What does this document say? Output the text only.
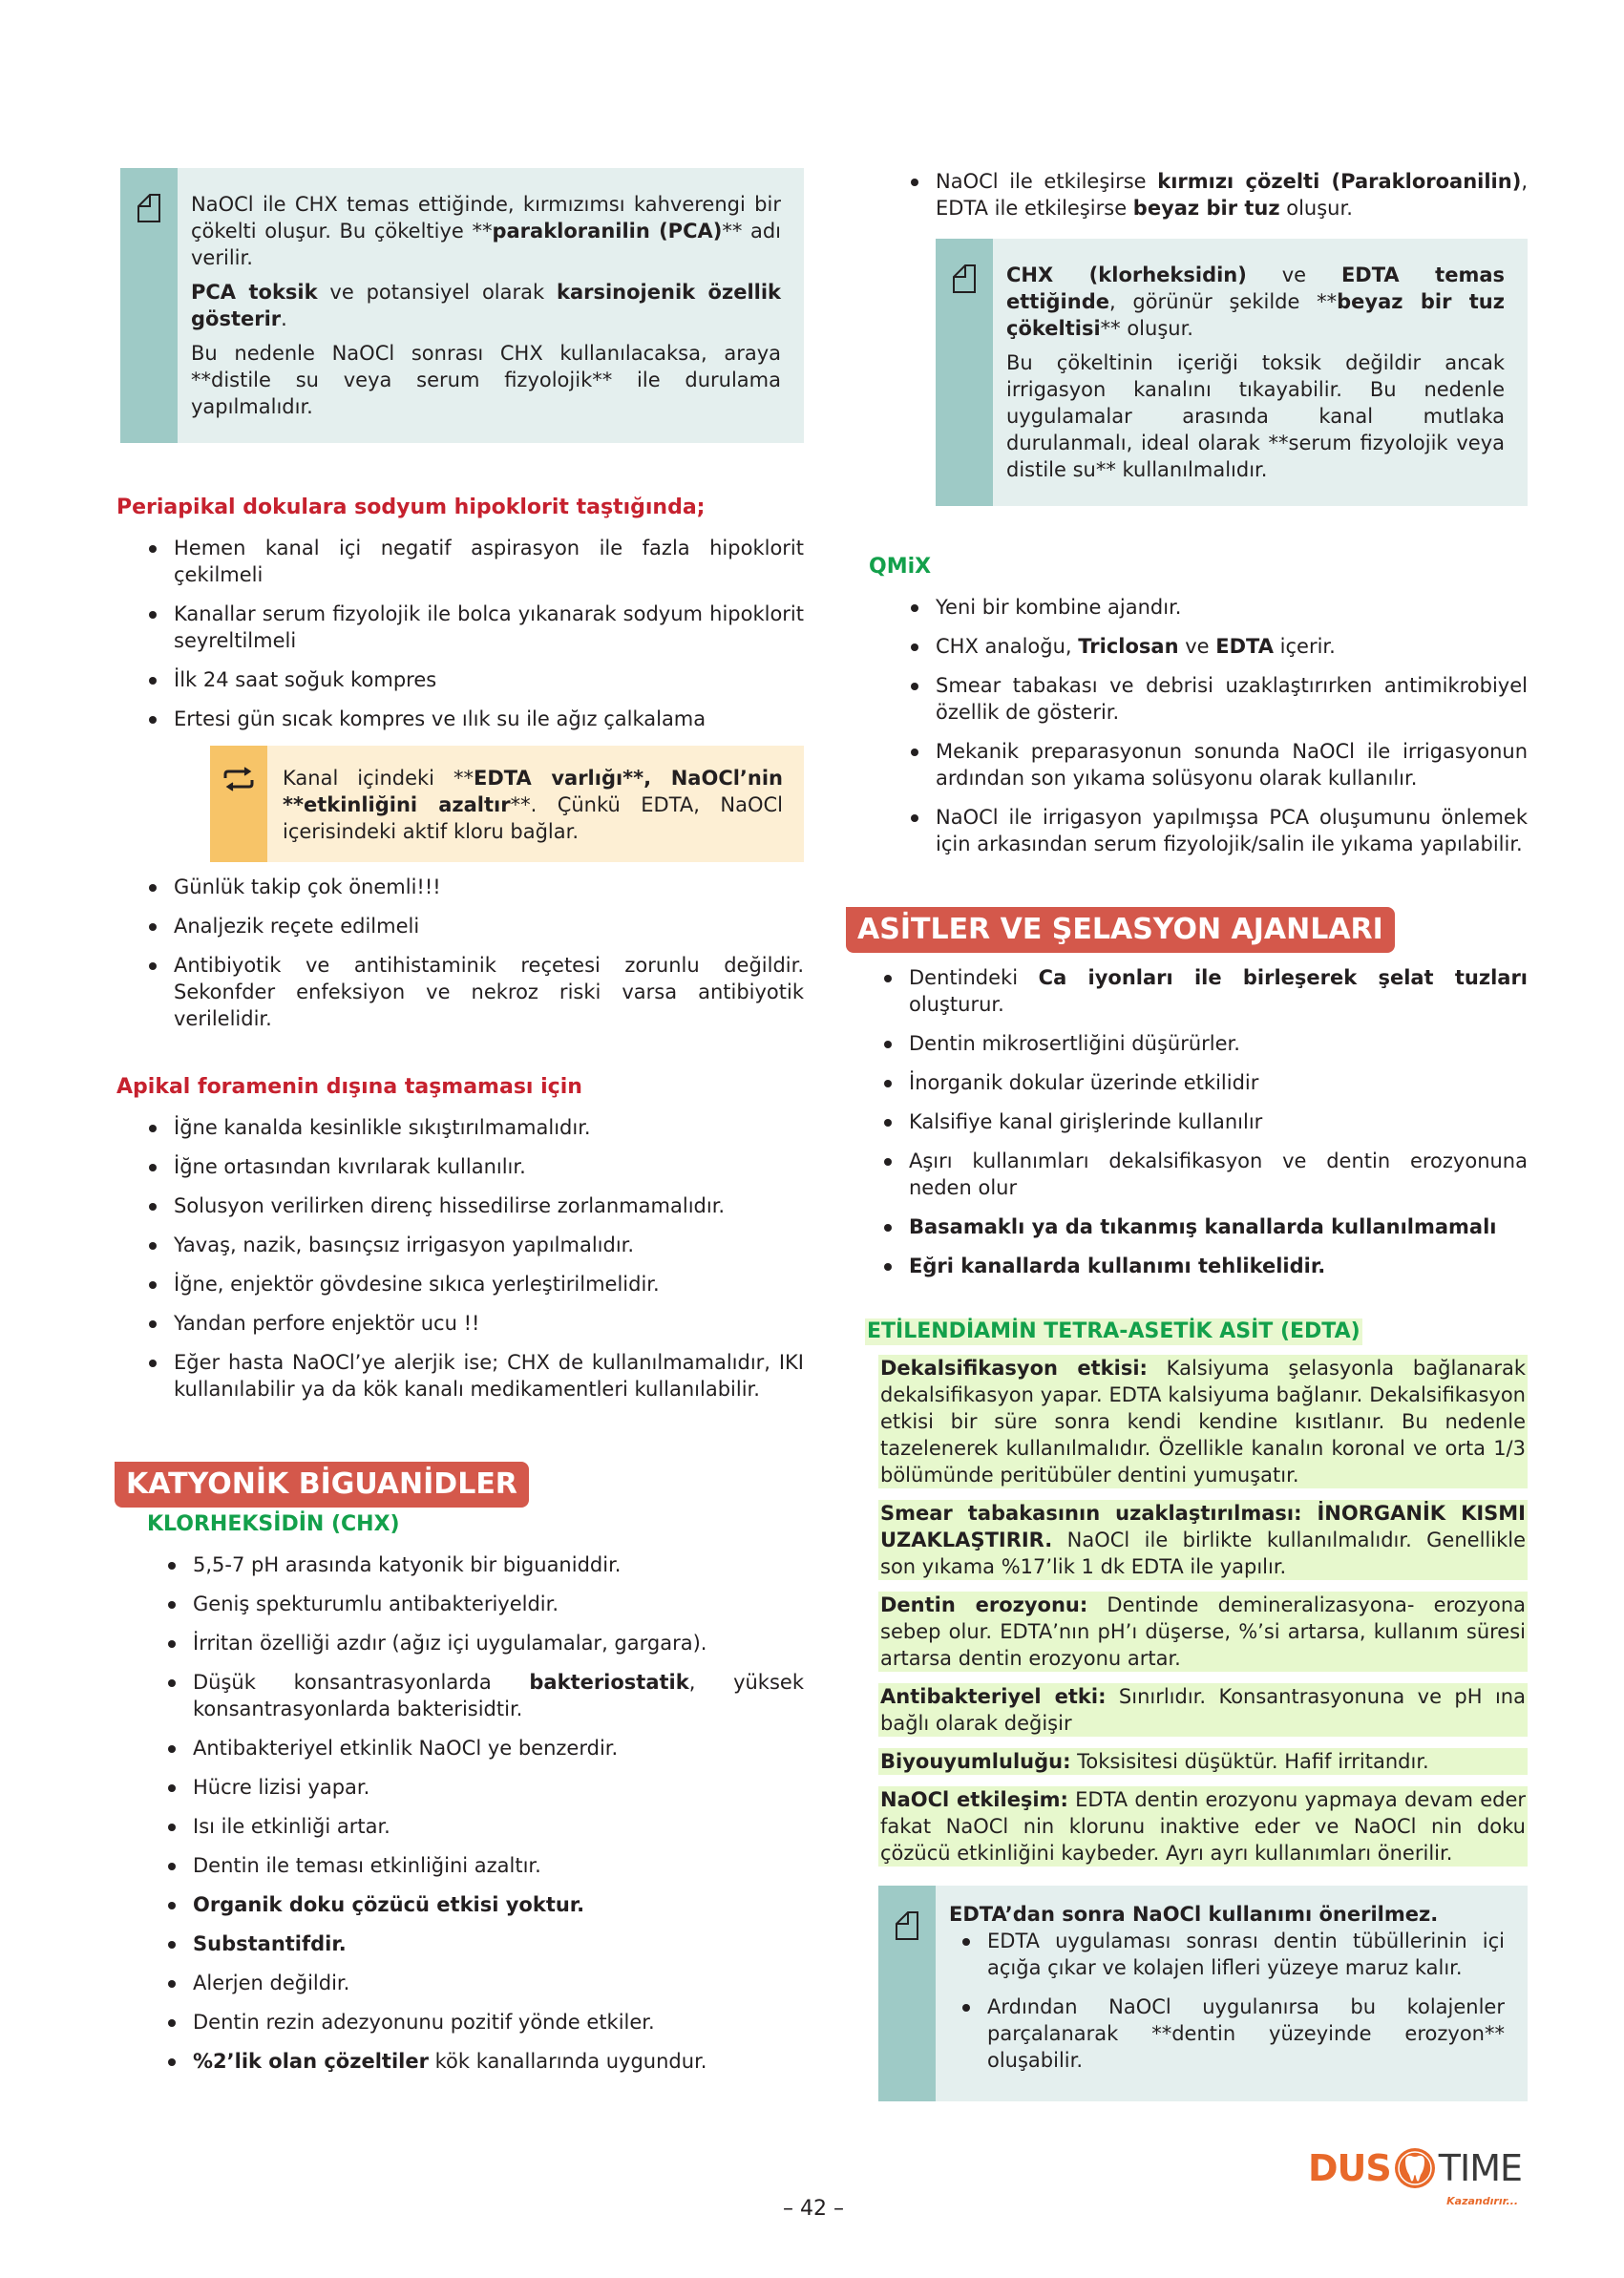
NaOCl ile CHX temas ettiğinde, kırmızımsı kahverengi bir çökelti oluşur. Bu çökeltiye **parakloranilin (PCA)** adı verilir.

PCA toksik ve potansiyel olarak karsinojenik özellik gösterir.

Bu nedenle NaOCl sonrası CHX kullanılacaksa, araya **distile su veya serum fizyolojik** ile durulama yapılmalıdır.

Periapikal dokulara sodyum hipoklorit taştığında;
Hemen kanal içi negatif aspirasyon ile fazla hipoklorit çekilmeli
Kanallar serum fizyolojik ile bolca yıkanarak sodyum hipoklorit seyreltilmeli
İlk 24 saat soğuk kompres
Ertesi gün sıcak kompres ve ılık su ile ağız çalkalama
Kanal içindeki **EDTA varlığı**, NaOCl’nin **etkinliğini azaltır**. Çünkü EDTA, NaOCl içerisindeki aktif kloru bağlar.
Günlük takip çok önemli!!!
Analjezik reçete edilmeli
Antibiyotik ve antihistaminik reçetesi zorunlu değildir. Sekonfder enfeksiyon ve nekroz riski varsa antibiyotik verilelidir.
Apikal foramenin dışına taşmaması için
İğne kanalda kesinlikle sıkıştırılmamalıdır.
İğne ortasından kıvrılarak kullanılır.
Solusyon verilirken direnç hissedilirse zorlanmamalıdır.
Yavaş, nazik, basınçsız irrigasyon yapılmalıdır.
İğne, enjektör gövdesine sıkıca yerleştirilmelidir.
Yandan perfore enjektör ucu !!
Eğer hasta NaOCl’ye alerjik ise; CHX de kullanılmamalıdır, IKI kullanılabilir ya da kök kanalı medikamentleri kullanılabilir.
KATYONİK BİGUANİDLER
KLORHEKSİDİN (CHX)
5,5-7 pH arasında katyonik bir biguaniddir.
Geniş spekturumlu antibakteriyeldir.
İrritan özelliği azdır (ağız içi uygulamalar, gargara).
Düşük konsantrasyonlarda bakteriostatik, yüksek konsantrasyonlarda bakterisidtir.
Antibakteriyel etkinlik NaOCl ye benzerdir.
Hücre lizisi yapar.
Isı ile etkinliği artar.
Dentin ile teması etkinliğini azaltır.
Organik doku çözücü etkisi yoktur.
Substantifdir.
Alerjen değildir.
Dentin rezin adezyonunu pozitif yönde etkiler.
%2’lik olan çözeltiler kök kanallarında uygundur.
NaOCl ile etkileşirse kırmızı çözelti (Parakloroanilin), EDTA ile etkileşirse beyaz bir tuz oluşur.

CHX (klorheksidin) ve EDTA temas ettiğinde, görünür şekilde **beyaz bir tuz çökeltisi** oluşur.

Bu çökeltinin içeriği toksik değildir ancak irrigasyon kanalını tıkayabilir. Bu nedenle uygulamalar arasında kanal mutlaka durulanmalı, ideal olarak **serum fizyolojik veya distile su** kullanılmalıdır.

QMiX
Yeni bir kombine ajandır.
CHX analoğu, Triclosan ve EDTA içerir.
Smear tabakası ve debrisi uzaklaştırırken antimikrobiyel özellik de gösterir.
Mekanik preparasyonun sonunda NaOCl ile irrigasyonun ardından son yıkama solüsyonu olarak kullanılır.
NaOCl ile irrigasyon yapılmışsa PCA oluşumunu önlemek için arkasından serum fizyolojik/salin ile yıkama yapılabilir.
ASİTLER VE ŞELASYON AJANLARI
Dentindeki Ca iyonları ile birleşerek şelat tuzları oluşturur.
Dentin mikrosertliğini düşürürler.
İnorganik dokular üzerinde etkilidir
Kalsifiye kanal girişlerinde kullanılır
Aşırı kullanımları dekalsifikasyon ve dentin erozyonuna neden olur
Basamaklı ya da tıkanmış kanallarda kullanılmamalı
Eğri kanallarda kullanımı tehlikelidir.
ETİLENDİAMİN TETRA-ASETİK ASİT (EDTA)

Dekalsifikasyon etkisi: Kalsiyuma şelasyonla bağlanarak dekalsifikasyon yapar. EDTA kalsiyuma bağlanır. Dekalsifikasyon etkisi bir süre sonra kendi kendine kısıtlanır. Bu nedenle tazelenerek kullanılmalıdır. Özellikle kanalın koronal ve orta 1/3 bölümünde peritübüler dentini yumuşatır.

Smear tabakasının uzaklaştırılması: İNORGANİK KISMI UZAKLAŞTIRIR. NaOCl ile birlikte kullanılmalıdır. Genellikle son yıkama %17’lik 1 dk EDTA ile yapılır.

Dentin erozyonu: Dentinde demineralizasyona- erozyona sebep olur. EDTA’nın pH’ı düşerse, %’si artarsa, kullanım süresi artarsa dentin erozyonu artar.

Antibakteriyel etki: Sınırlıdır. Konsantrasyonuna ve pH ına bağlı olarak değişir

Biyouyumluluğu: Toksisitesi düşüktür. Hafif irritandır.

NaOCl etkileşim: EDTA dentin erozyonu yapmaya devam eder fakat NaOCl nin klorunu inaktive eder ve NaOCl nin doku çözücü etkinliğini kaybeder. Ayrı ayrı kullanımları önerilir.

EDTA’dan sonra NaOCl kullanımı önerilmez.
EDTA uygulaması sonrası dentin tübüllerinin içi açığa çıkar ve kolajen lifleri yüzeye maruz kalır.
Ardından NaOCl uygulanırsa bu kolajenler parçalanarak **dentin yüzeyinde erozyon** oluşabilir.
– 42 –
DUS TIME
Kazandırır...
